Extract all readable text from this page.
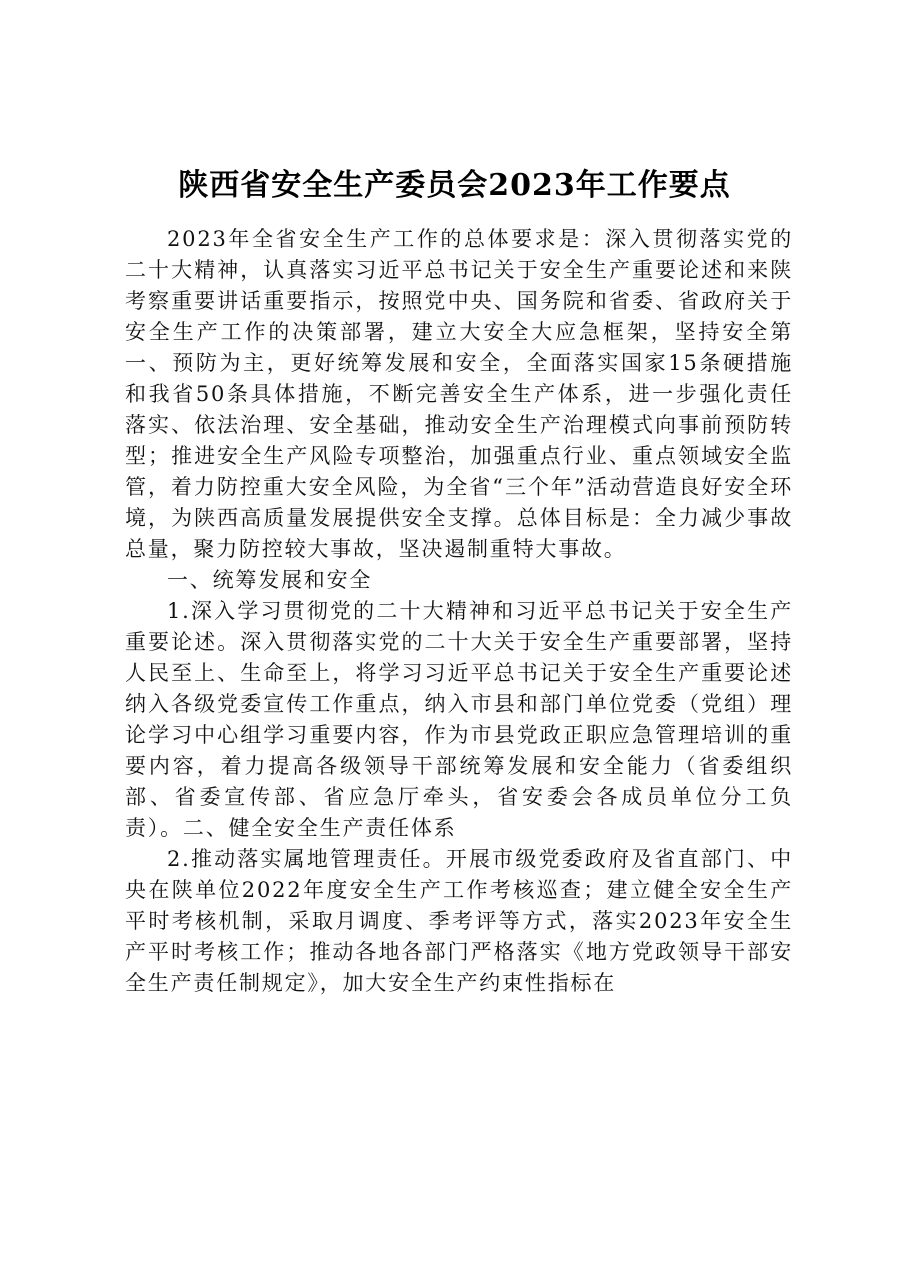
陕西省安全生产委员会2023年工作要点

2023年全省安全生产工作的总体要求是：深入贯彻落实党的二十大精神，认真落实习近平总书记关于安全生产重要论述和来陕考察重要讲话重要指示，按照党中央、国务院和省委、省政府关于安全生产工作的决策部署，建立大安全大应急框架，坚持安全第一、预防为主，更好统筹发展和安全，全面落实国家15条硬措施和我省50条具体措施，不断完善安全生产体系，进一步强化责任落实、依法治理、安全基础，推动安全生产治理模式向事前预防转型；推进安全生产风险专项整治，加强重点行业、重点领域安全监管，着力防控重大安全风险，为全省“三个年”活动营造良好安全环境，为陕西高质量发展提供安全支撑。总体目标是：全力减少事故总量，聚力防控较大事故，坚决遏制重特大事故。

一、统筹发展和安全

1.深入学习贯彻党的二十大精神和习近平总书记关于安全生产重要论述。深入贯彻落实党的二十大关于安全生产重要部署，坚持人民至上、生命至上，将学习习近平总书记关于安全生产重要论述纳入各级党委宣传工作重点，纳入市县和部门单位党委（党组）理论学习中心组学习重要内容，作为市县党政正职应急管理培训的重要内容，着力提高各级领导干部统筹发展和安全能力（省委组织部、省委宣传部、省应急厅牵头，省安委会各成员单位分工负责）。二、健全安全生产责任体系

2.推动落实属地管理责任。开展市级党委政府及省直部门、中央在陕单位2022年度安全生产工作考核巡查；建立健全安全生产平时考核机制，采取月调度、季考评等方式，落实2023年安全生产平时考核工作；推动各地各部门严格落实《地方党政领导干部安全生产责任制规定》，加大安全生产约束性指标在
